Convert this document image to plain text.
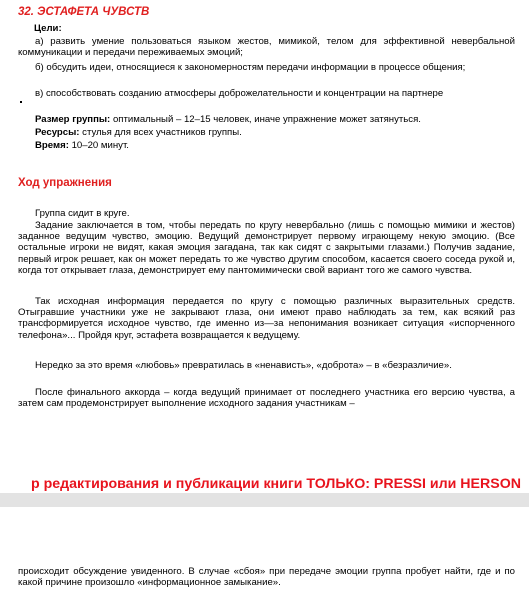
32. ЭСТАФЕТА ЧУВСТВ
Цели:
а) развить умение пользоваться языком жестов, мимикой, телом для эффективной невербальной коммуникации и передачи переживаемых эмоций;
б) обсудить идеи, относящиеся к закономерностям передачи информации в процессе общения;
в) способствовать созданию атмосферы доброжелательности и концентрации на партнере
Размер группы: оптимальный – 12–15 человек, иначе упражнение может затянуться.
Ресурсы: стулья для всех участников группы.
Время: 10–20 минут.
Ход упражнения
Группа сидит в круге.
Задание заключается в том, чтобы передать по кругу невербально (лишь с помощью мимики и жестов) заданное ведущим чувство, эмоцию. Ведущий демонстрирует первому играющему некую эмоцию. (Все остальные игроки не видят, какая эмоция загадана, так как сидят с закрытыми глазами.) Получив задание, первый игрок решает, как он может передать то же чувство другим способом, касается своего соседа рукой и, когда тот открывает глаза, демонстрирует ему пантомимически свой вариант того же самого чувства.
Так исходная информация передается по кругу с помощью различных выразительных средств. Отыгравшие участники уже не закрывают глаза, они имеют право наблюдать за тем, как всякий раз трансформируется исходное чувство, где именно из—за непонимания возникает ситуация «испорченного телефона»... Пройдя круг, эстафета возвращается к ведущему.
Нередко за это время «любовь» превратилась в «ненависть», «доброта» – в «безразличие».
После финального аккорда – когда ведущий принимает от последнего участника его версию чувства, а затем сам продемонстрирует выполнение исходного задания участникам –
р редактирования и публикации книги ТОЛЬКО: PRESSI или HERSON
происходит обсуждение увиденного. В случае «сбоя» при передаче эмоции группа пробует найти, где и по какой причине произошло «информационное замыкание».
